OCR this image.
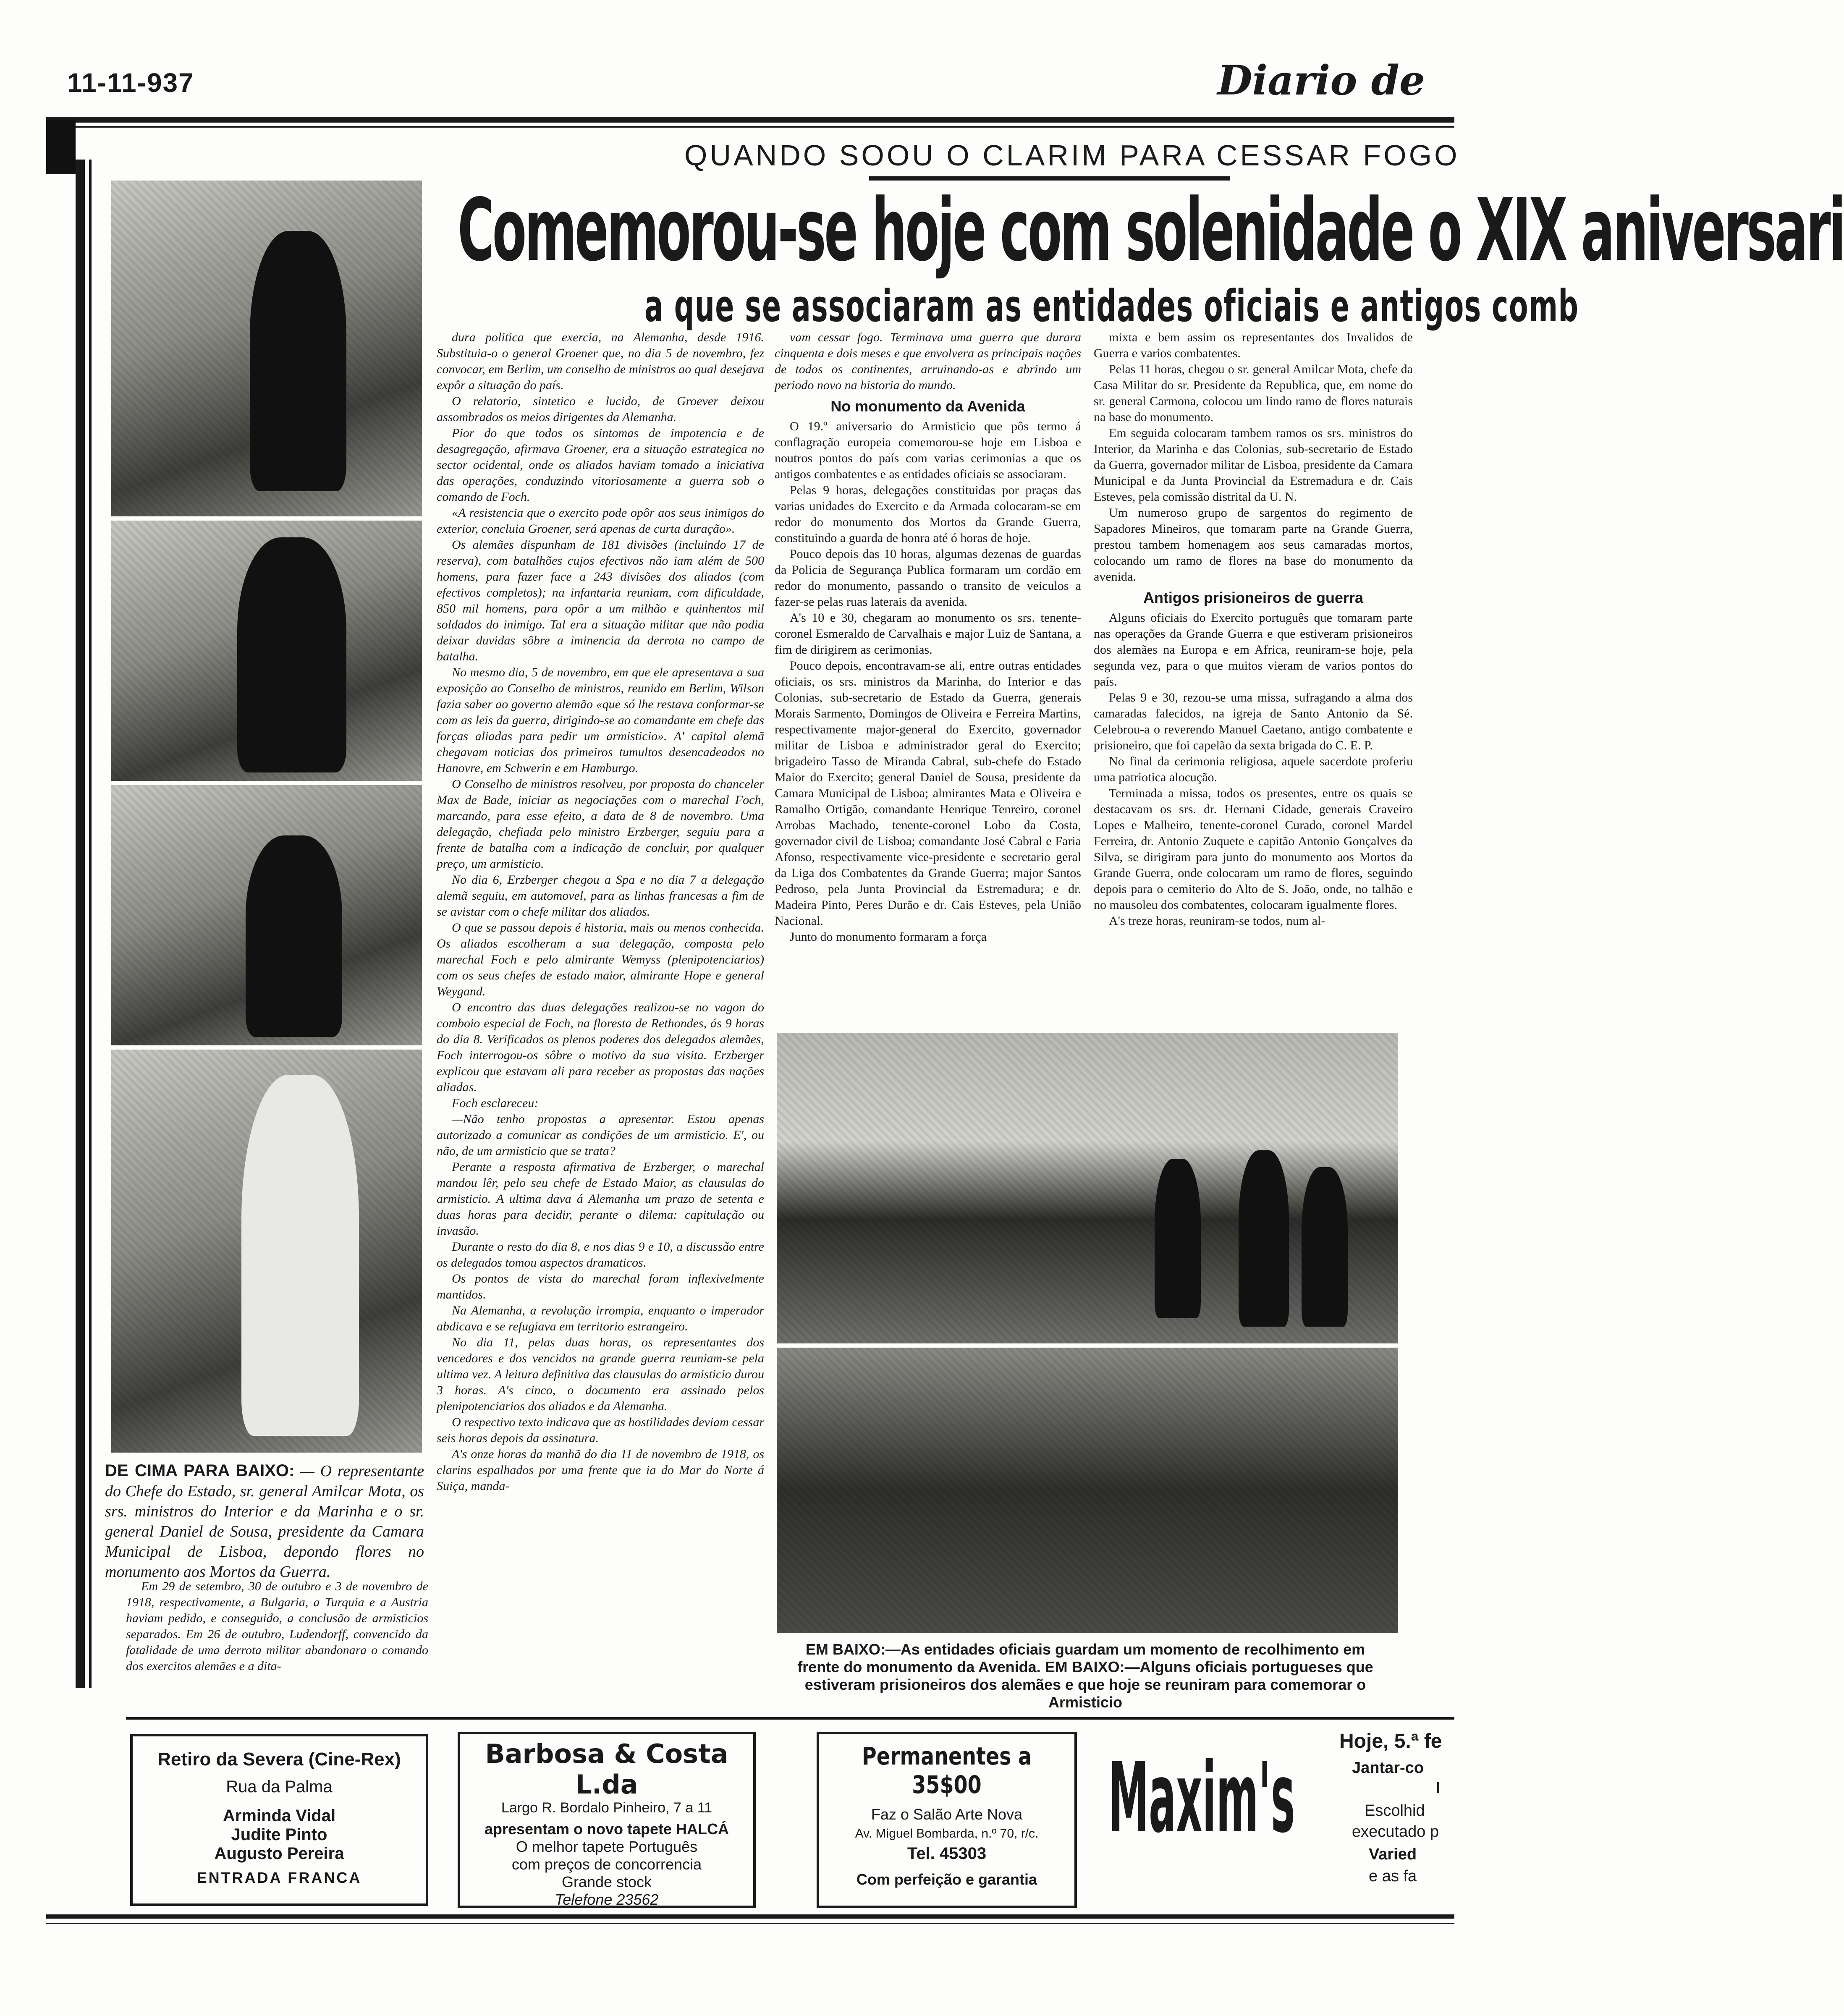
11-11-937	Diario de
QUANDO SOOU O CLARIM PARA CESSAR FOGO
Comemorou-se hoje com solenidade o XIX aniversari
a que se associaram as entidades oficiais e antigos comb
DE CIMA PARA BAIXO: — O representante do Chefe do Estado, sr. general Amilcar Mota, os srs. ministros do Interior e da Marinha e o sr. general Daniel de Sousa, presidente da Camara Municipal de Lisboa, depondo flores no monumento aos Mortos da Guerra.

Em 29 de setembro, 30 de outubro e 3 de novembro de 1918, respectivamente, a Bulgaria, a Turquia e a Austria haviam pedido, e conseguido, a conclusão de armisticios separados. Em 26 de outubro, Ludendorff, convencido da fatalidade de uma derrota militar abandonara o comando dos exercitos alemães e a dita-

dura politica que exercia, na Alemanha, desde 1916. Substituia-o o general Groener que, no dia 5 de novembro, fez convocar, em Berlim, um conselho de ministros ao qual desejava expôr a situação do país.

O relatorio, sintetico e lucido, de Groever deixou assombrados os meios dirigentes da Alemanha.

Pior do que todos os sintomas de impotencia e de desagregação, afirmava Groener, era a situação estrategica no sector ocidental, onde os aliados haviam tomado a iniciativa das operações, conduzindo vitoriosamente a guerra sob o comando de Foch.

«A resistencia que o exercito pode opôr aos seus inimigos do exterior, concluia Groener, será apenas de curta duração».

Os alemães dispunham de 181 divisões (incluindo 17 de reserva), com batalhões cujos efectivos não iam além de 500 homens, para fazer face a 243 divisões dos aliados (com efectivos completos); na infantaria reuniam, com dificuldade, 850 mil homens, para opôr a um milhão e quinhentos mil soldados do inimigo. Tal era a situação militar que não podia deixar duvidas sôbre a iminencia da derrota no campo de batalha.

No mesmo dia, 5 de novembro, em que ele apresentava a sua exposição ao Conselho de ministros, reunido em Berlim, Wilson fazia saber ao governo alemão «que só lhe restava conformar-se com as leis da guerra, dirigindo-se ao comandante em chefe das forças aliadas para pedir um armisticio». A' capital alemã chegavam noticias dos primeiros tumultos desencadeados no Hanovre, em Schwerin e em Hamburgo.

O Conselho de ministros resolveu, por proposta do chanceler Max de Bade, iniciar as negociações com o marechal Foch, marcando, para esse efeito, a data de 8 de novembro. Uma delegação, chefiada pelo ministro Erzberger, seguiu para a frente de batalha com a indicação de concluir, por qualquer preço, um armisticio.

No dia 6, Erzberger chegou a Spa e no dia 7 a delegação alemã seguiu, em automovel, para as linhas francesas a fim de se avistar com o chefe militar dos aliados.

O que se passou depois é historia, mais ou menos conhecida. Os aliados escolheram a sua delegação, composta pelo marechal Foch e pelo almirante Wemyss (plenipotenciarios) com os seus chefes de estado maior, almirante Hope e general Weygand.

O encontro das duas delegações realizou-se no vagon do comboio especial de Foch, na floresta de Rethondes, ás 9 horas do dia 8. Verificados os plenos poderes dos delegados alemães, Foch interrogou-os sôbre o motivo da sua visita. Erzberger explicou que estavam ali para receber as propostas das nações aliadas.

Foch esclareceu:

—Não tenho propostas a apresentar. Estou apenas autorizado a comunicar as condições de um armisticio. E', ou não, de um armisticio que se trata?

Perante a resposta afirmativa de Erzberger, o marechal mandou lêr, pelo seu chefe de Estado Maior, as clausulas do armisticio. A ultima dava á Alemanha um prazo de setenta e duas horas para decidir, perante o dilema: capitulação ou invasão.

Durante o resto do dia 8, e nos dias 9 e 10, a discussão entre os delegados tomou aspectos dramaticos.

Os pontos de vista do marechal foram inflexivelmente mantidos.

Na Alemanha, a revolução irrompia, enquanto o imperador abdicava e se refugiava em territorio estrangeiro.

No dia 11, pelas duas horas, os representantes dos vencedores e dos vencidos na grande guerra reuniam-se pela ultima vez. A leitura definitiva das clausulas do armisticio durou 3 horas. A's cinco, o documento era assinado pelos plenipotenciarios dos aliados e da Alemanha.

O respectivo texto indicava que as hostilidades deviam cessar seis horas depois da assinatura.

A's onze horas da manhã do dia 11 de novembro de 1918, os clarins espalhados por uma frente que ia do Mar do Norte á Suiça, manda-

vam cessar fogo. Terminava uma guerra que durara cinquenta e dois meses e que envolvera as principais nações de todos os continentes, arruinando-as e abrindo um periodo novo na historia do mundo.

No monumento da Avenida

O 19.º aniversario do Armisticio que pôs termo á conflagração europeia comemorou-se hoje em Lisboa e noutros pontos do país com varias cerimonias a que os antigos combatentes e as entidades oficiais se associaram.

Pelas 9 horas, delegações constituidas por praças das varias unidades do Exercito e da Armada colocaram-se em redor do monumento dos Mortos da Grande Guerra, constituindo a guarda de honra até ó horas de hoje.

Pouco depois das 10 horas, algumas dezenas de guardas da Policia de Segurança Publica formaram um cordão em redor do monumento, passando o transito de veiculos a fazer-se pelas ruas laterais da avenida.

A's 10 e 30, chegaram ao monumento os srs. tenente-coronel Esmeraldo de Carvalhais e major Luiz de Santana, a fim de dirigirem as cerimonias.

Pouco depois, encontravam-se ali, entre outras entidades oficiais, os srs. ministros da Marinha, do Interior e das Colonias, sub-secretario de Estado da Guerra, generais Morais Sarmento, Domingos de Oliveira e Ferreira Martins, respectivamente major-general do Exercito, governador militar de Lisboa e administrador geral do Exercito; brigadeiro Tasso de Miranda Cabral, sub-chefe do Estado Maior do Exercito; general Daniel de Sousa, presidente da Camara Municipal de Lisboa; almirantes Mata e Oliveira e Ramalho Ortigão, comandante Henrique Tenreiro, coronel Arrobas Machado, tenente-coronel Lobo da Costa, governador civil de Lisboa; comandante José Cabral e Faria Afonso, respectivamente vice-presidente e secretario geral da Liga dos Combatentes da Grande Guerra; major Santos Pedroso, pela Junta Provincial da Estremadura; e dr. Madeira Pinto, Peres Durão e dr. Cais Esteves, pela União Nacional.

Junto do monumento formaram a força

mixta e bem assim os representantes dos Invalidos de Guerra e varios combatentes.

Pelas 11 horas, chegou o sr. general Amilcar Mota, chefe da Casa Militar do sr. Presidente da Republica, que, em nome do sr. general Carmona, colocou um lindo ramo de flores naturais na base do monumento.

Em seguida colocaram tambem ramos os srs. ministros do Interior, da Marinha e das Colonias, sub-secretario de Estado da Guerra, governador militar de Lisboa, presidente da Camara Municipal e da Junta Provincial da Estremadura e dr. Cais Esteves, pela comissão distrital da U. N.

Um numeroso grupo de sargentos do regimento de Sapadores Mineiros, que tomaram parte na Grande Guerra, prestou tambem homenagem aos seus camaradas mortos, colocando um ramo de flores na base do monumento da avenida.

Antigos prisioneiros de guerra

Alguns oficiais do Exercito português que tomaram parte nas operações da Grande Guerra e que estiveram prisioneiros dos alemães na Europa e em Africa, reuniram-se hoje, pela segunda vez, para o que muitos vieram de varios pontos do país.

Pelas 9 e 30, rezou-se uma missa, sufragando a alma dos camaradas falecidos, na igreja de Santo Antonio da Sé. Celebrou-a o reverendo Manuel Caetano, antigo combatente e prisioneiro, que foi capelão da sexta brigada do C. E. P.

No final da cerimonia religiosa, aquele sacerdote proferiu uma patriotica alocução.

Terminada a missa, todos os presentes, entre os quais se destacavam os srs. dr. Hernani Cidade, generais Craveiro Lopes e Malheiro, tenente-coronel Curado, coronel Mardel Ferreira, dr. Antonio Zuquete e capitão Antonio Gonçalves da Silva, se dirigiram para junto do monumento aos Mortos da Grande Guerra, onde colocaram um ramo de flores, seguindo depois para o cemiterio do Alto de S. João, onde, no talhão e no mausoleu dos combatentes, colocaram igualmente flores.

A's treze horas, reuniram-se todos, num al-

EM BAIXO:—As entidades oficiais guardam um momento de recolhimento em frente do monumento da Avenida. EM BAIXO:—Alguns oficiais portugueses que estiveram prisioneiros dos alemães e que hoje se reuniram para comemorar o Armisticio
Retiro da Severa (Cine-Rex)
Rua da Palma
Arminda Vidal
Judite Pinto
Augusto Pereira
ENTRADA FRANCA
Barbosa & Costa L.da
Largo R. Bordalo Pinheiro, 7 a 11
apresentam o novo tapete HALCÁ
O melhor tapete Português
com preços de concorrencia
Grande stock
Telefone 23562
Permanentes a 35$00
Faz o Salão Arte Nova
Av. Miguel Bombarda, n.º 70, r/c.
Tel. 45303
Com perfeição e garantia
Maxim's
Hoje, 5.ª fe
Jantar-co
I
Escolhid
executado p
Varied
e as fa
